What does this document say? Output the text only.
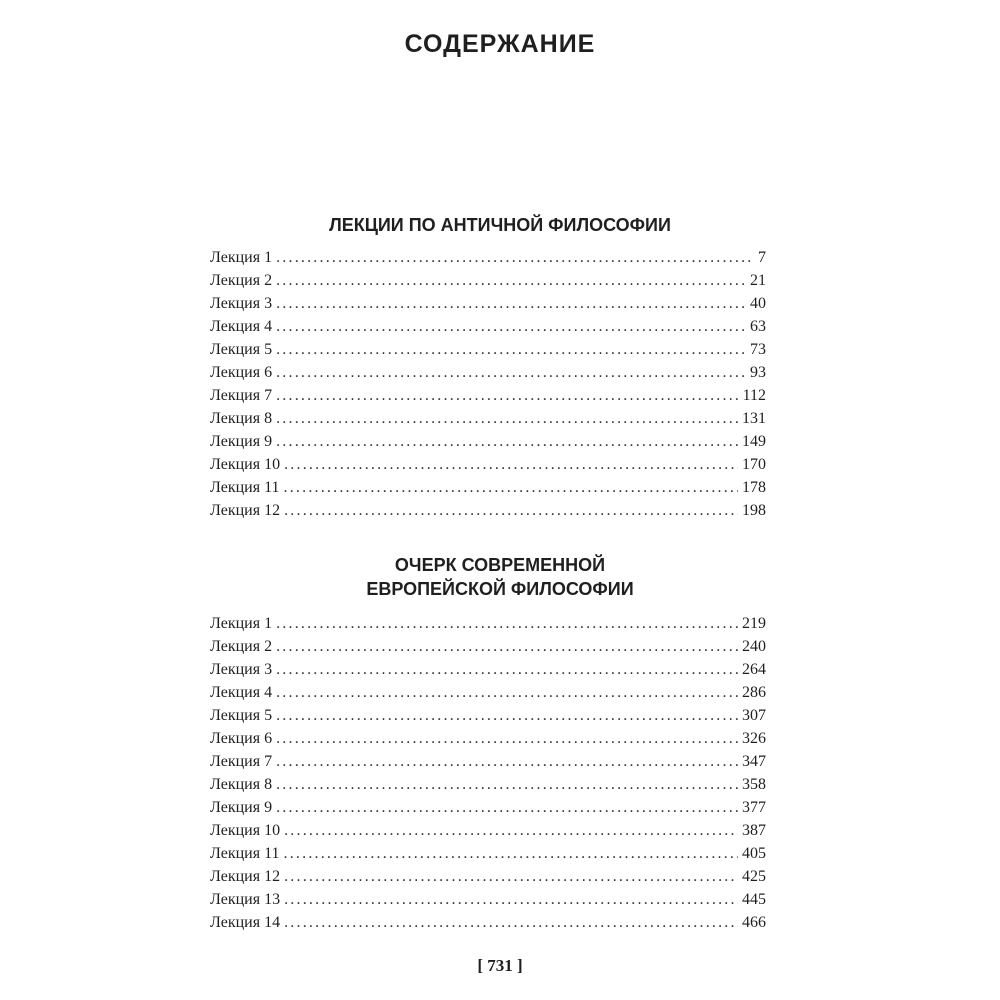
СОДЕРЖАНИЕ
ЛЕКЦИИ ПО АНТИЧНОЙ ФИЛОСОФИИ
Лекция 1 .....	7
Лекция 2 .....	21
Лекция 3 .....	40
Лекция 4 .....	63
Лекция 5 .....	73
Лекция 6 .....	93
Лекция 7 .....	112
Лекция 8 .....	131
Лекция 9 .....	149
Лекция 10 .....	170
Лекция 11 .....	178
Лекция 12 .....	198
ОЧЕРК СОВРЕМЕННОЙ
ЕВРОПЕЙСКОЙ ФИЛОСОФИИ
Лекция 1 .....	219
Лекция 2 .....	240
Лекция 3 .....	264
Лекция 4 .....	286
Лекция 5 .....	307
Лекция 6 .....	326
Лекция 7 .....	347
Лекция 8 .....	358
Лекция 9 .....	377
Лекция 10 .....	387
Лекция 11 .....	405
Лекция 12 .....	425
Лекция 13 .....	445
Лекция 14 .....	466
[ 731 ]
